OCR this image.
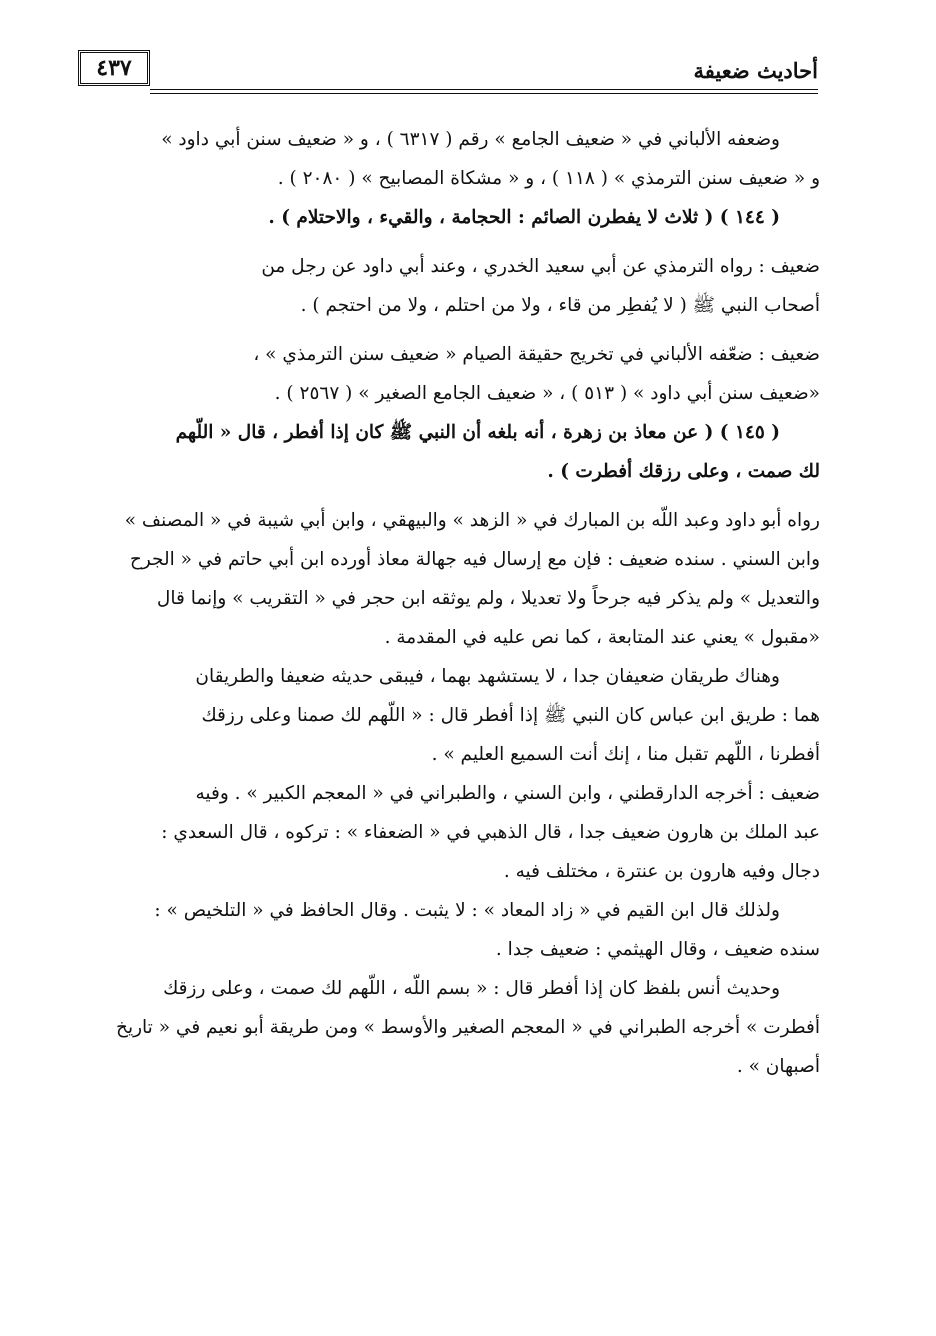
٤٣٧	أحاديث ضعيفة
وضعفه الألباني في « ضعيف الجامع » رقم ( ٦٣١٧ ) ، و « ضعيف سنن أبي داود »
و « ضعيف سنن الترمذي » ( ١١٨ ) ، و « مشكاة المصابيح » ( ٢٠٨٠ ) .
( ١٤٤ ) ( ثلاث لا يفطرن الصائم : الحجامة ، والقيء ، والاحتلام ) .
ضعيف : رواه الترمذي عن أبي سعيد الخدري ، وعند أبي داود عن رجل من
أصحاب النبي ﷺ ( لا يُفطِر من قاء ، ولا من احتلم ، ولا من احتجم ) .
ضعيف : ضعّفه الألباني في تخريج حقيقة الصيام « ضعيف سنن الترمذي » ،
«ضعيف سنن أبي داود » ( ٥١٣ ) ، « ضعيف الجامع الصغير » ( ٢٥٦٧ ) .
( ١٤٥ ) ( عن معاذ بن زهرة ، أنه بلغه أن النبي ﷺ كان إذا أفطر ، قال « اللّهم
لك صمت ، وعلى رزقك أفطرت ) .
رواه أبو داود وعبد اللّه بن المبارك في « الزهد » والبيهقي ، وابن أبي شيبة في « المصنف »
وابن السني . سنده ضعيف : فإن مع إرسال فيه جهالة معاذ أورده ابن أبي حاتم في « الجرح
والتعديل » ولم يذكر فيه جرحاً ولا تعديلا ، ولم يوثقه ابن حجر في « التقريب » وإنما قال
«مقبول » يعني عند المتابعة ، كما نص عليه في المقدمة .
وهناك طريقان ضعيفان جدا ، لا يستشهد بهما ، فيبقى حديثه ضعيفا والطريقان
هما : طريق ابن عباس كان النبي ﷺ إذا أفطر قال : « اللّهم لك صمنا وعلى رزقك
أفطرنا ، اللّهم تقبل منا ، إنك أنت السميع العليم » .
ضعيف : أخرجه الدارقطني ، وابن السني ، والطبراني في « المعجم الكبير » . وفيه
عبد الملك بن هارون ضعيف جدا ، قال الذهبي في « الضعفاء » : تركوه ، قال السعدي :
دجال وفيه هارون بن عنترة ، مختلف فيه .
ولذلك قال ابن القيم في « زاد المعاد » : لا يثبت . وقال الحافظ في « التلخيص » :
سنده ضعيف ، وقال الهيثمي : ضعيف جدا .
وحديث أنس بلفظ كان إذا أفطر قال : « بسم اللّه ، اللّهم لك صمت ، وعلى رزقك
أفطرت » أخرجه الطبراني في « المعجم الصغير والأوسط » ومن طريقة أبو نعيم في « تاريخ
أصبهان » .
